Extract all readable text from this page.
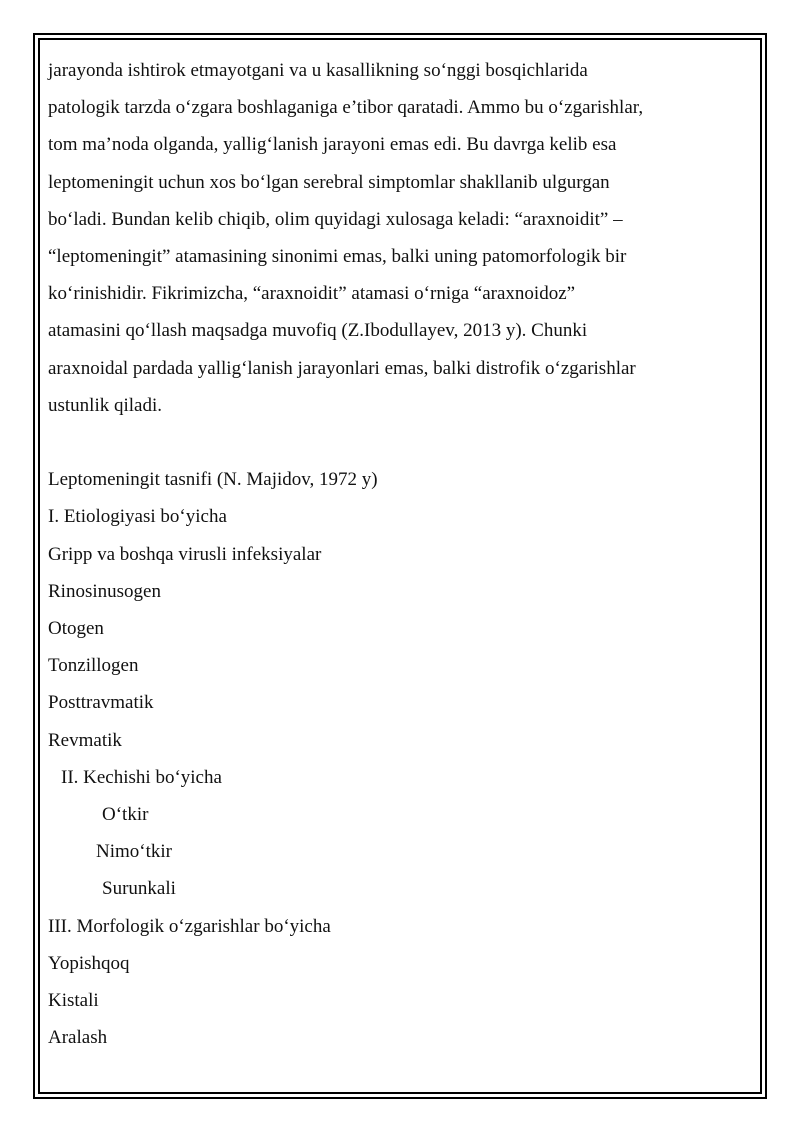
jarayonda ishtirok etmayotgani va u kasallikning so‘nggi bosqichlarida
patologik tarzda o‘zgara boshlaganiga e’tibor qaratadi. Ammo bu o‘zgarishlar,
tom ma’noda olganda, yallig‘lanish jarayoni emas edi. Bu davrga kelib esa
leptomeningit uchun xos bo‘lgan serebral simptomlar shakllanib ulgurgan
bo‘ladi. Bundan kelib chiqib, olim quyidagi xulosaga keladi: “araxnoidit” –
“leptomeningit” atamasining sinonimi emas, balki uning patomorfologik bir
ko‘rinishidir. Fikrimizcha, “araxnoidit” atamasi o‘rniga “araxnoidoz”
atamasini qo‘llash maqsadga muvofiq (Z.Ibodullayev, 2013 y). Chunki
araxnoidal pardada yallig‘lanish jarayonlari emas, balki distrofik o‘zgarishlar
ustunlik qiladi.

Leptomeningit tasnifi (N. Majidov, 1972 y)
I. Etiologiyasi bo‘yicha
Gripp va boshqa virusli infeksiyalar
Rinosinusogen
Otogen
Tonzillogen
Posttravmatik
Revmatik
II. Kechishi bo‘yicha
O‘tkir
Nimo‘tkir
Surunkali
III. Morfologik o‘zgarishlar bo‘yicha
Yopishqoq
Kistali
Aralash
